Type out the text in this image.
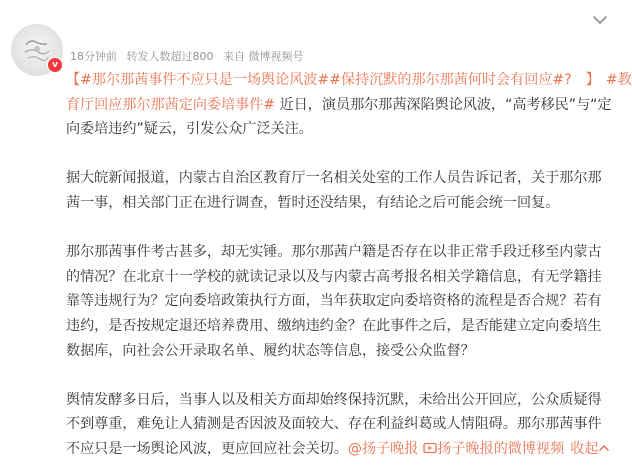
v
18分钟前 转发人数超过800 来自 微博视频号
【#那尔那茜事件不应只是一场舆论风波##保持沉默的那尔那茜何时会有回应#? 】 #教
育厅回应那尔那茜定向委培事件# 近日，演员那尔那茜深陷舆论风波，“高考移民”与“定
向委培违约”疑云，引发公众广泛关注。
据大皖新闻报道，内蒙古自治区教育厅一名相关处室的工作人员告诉记者，关于那尔那
茜一事，相关部门正在进行调查，暂时还没结果，有结论之后可能会统一回复。
那尔那茜事件考古甚多，却无实锤。那尔那茜户籍是否存在以非正常手段迁移至内蒙古
的情况？在北京十一学校的就读记录以及与内蒙古高考报名相关学籍信息，有无学籍挂
靠等违规行为？定向委培政策执行方面，当年获取定向委培资格的流程是否合规？若有
违约，是否按规定退还培养费用、缴纳违约金？在此事件之后，是否能建立定向委培生
数据库，向社会公开录取名单、履约状态等信息，接受公众监督？
舆情发酵多日后，当事人以及相关方面却始终保持沉默，未给出公开回应，公众质疑得
不到尊重，难免让人猜测是否因波及面较大、存在利益纠葛或人情阻碍。那尔那茜事件
不应只是一场舆论风波，更应回应社会关切。@扬子晚报 扬子晚报的微博视频 收起
